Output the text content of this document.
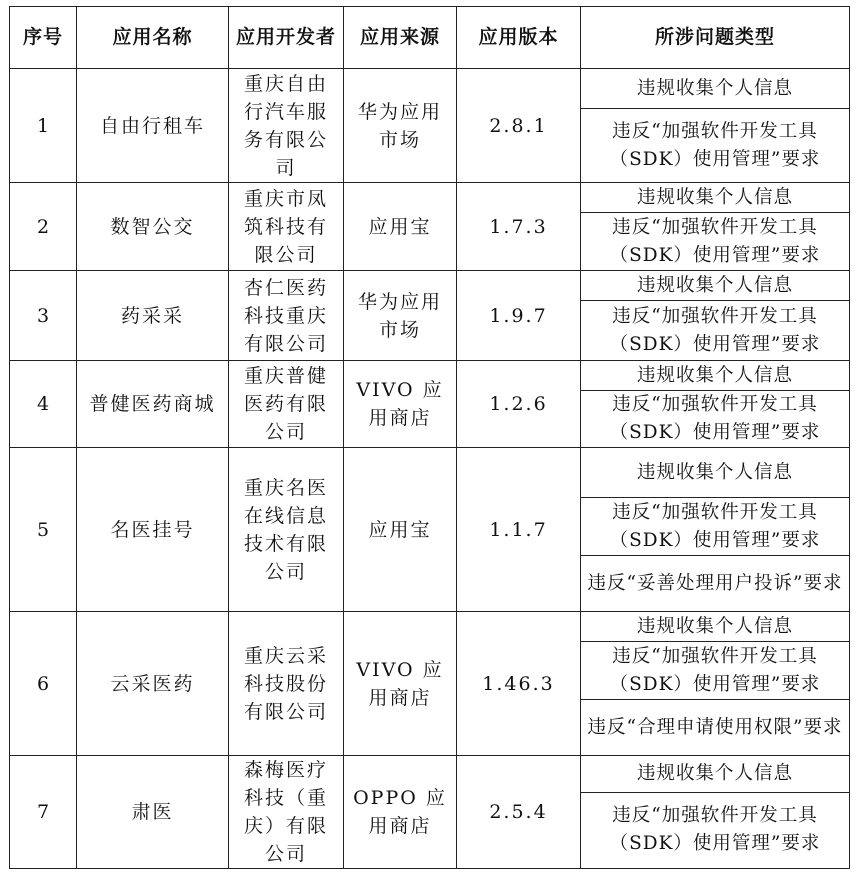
序号	应用名称	应用开发者	应用来源	应用版本	所涉问题类型
1	自由行租车	重庆自由行汽车服务有限公司	华为应用市场	2.8.1	违规收集个人信息
					违反“加强软件开发工具（SDK）使用管理”要求
2	数智公交	重庆市凤筑科技有限公司	应用宝	1.7.3	违规收集个人信息
					违反“加强软件开发工具（SDK）使用管理”要求
3	药采采	杏仁医药科技重庆有限公司	华为应用市场	1.9.7	违规收集个人信息
					违反“加强软件开发工具（SDK）使用管理”要求
4	普健医药商城	重庆普健医药有限公司	VIVO 应用商店	1.2.6	违规收集个人信息
					违反“加强软件开发工具（SDK）使用管理”要求
5	名医挂号	重庆名医在线信息技术有限公司	应用宝	1.1.7	违规收集个人信息
					违反“加强软件开发工具（SDK）使用管理”要求
					违反“妥善处理用户投诉”要求
6	云采医药	重庆云采科技股份有限公司	VIVO 应用商店	1.46.3	违规收集个人信息
					违反“加强软件开发工具（SDK）使用管理”要求
					违反“合理申请使用权限”要求
7	肃医	森梅医疗科技（重庆）有限公司	OPPO 应用商店	2.5.4	违规收集个人信息
					违反“加强软件开发工具（SDK）使用管理”要求
